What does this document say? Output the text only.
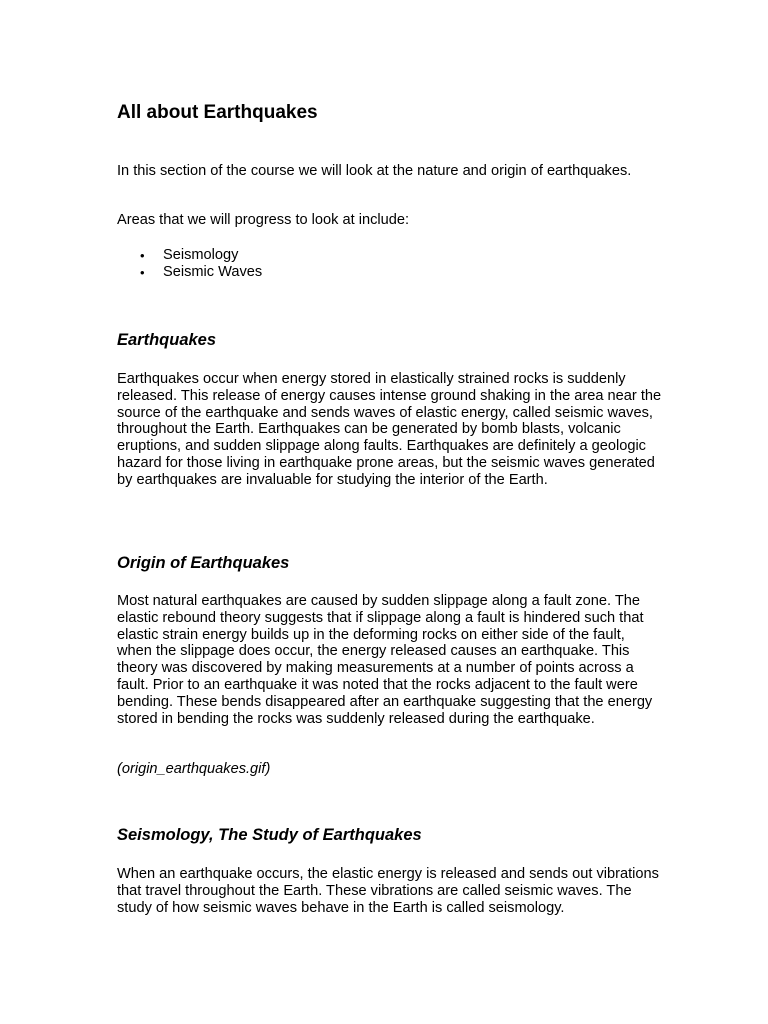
All about Earthquakes

In this section of the course we will look at the nature and origin of earthquakes.

Areas that we will progress to look at include:

• Seismology
• Seismic Waves
Earthquakes

Earthquakes occur when energy stored in elastically strained rocks is suddenly released. This release of energy causes intense ground shaking in the area near the source of the earthquake and sends waves of elastic energy, called seismic waves, throughout the Earth. Earthquakes can be generated by bomb blasts, volcanic eruptions, and sudden slippage along faults. Earthquakes are definitely a geologic hazard for those living in earthquake prone areas, but the seismic waves generated by earthquakes are invaluable for studying the interior of the Earth.

Origin of Earthquakes

Most natural earthquakes are caused by sudden slippage along a fault zone. The elastic rebound theory suggests that if slippage along a fault is hindered such that elastic strain energy builds up in the deforming rocks on either side of the fault, when the slippage does occur, the energy released causes an earthquake. This theory was discovered by making measurements at a number of points across a fault. Prior to an earthquake it was noted that the rocks adjacent to the fault were bending. These bends disappeared after an earthquake suggesting that the energy stored in bending the rocks was suddenly released during the earthquake.

(origin_earthquakes.gif)

Seismology, The Study of Earthquakes

When an earthquake occurs, the elastic energy is released and sends out vibrations that travel throughout the Earth. These vibrations are called seismic waves. The study of how seismic waves behave in the Earth is called seismology.
